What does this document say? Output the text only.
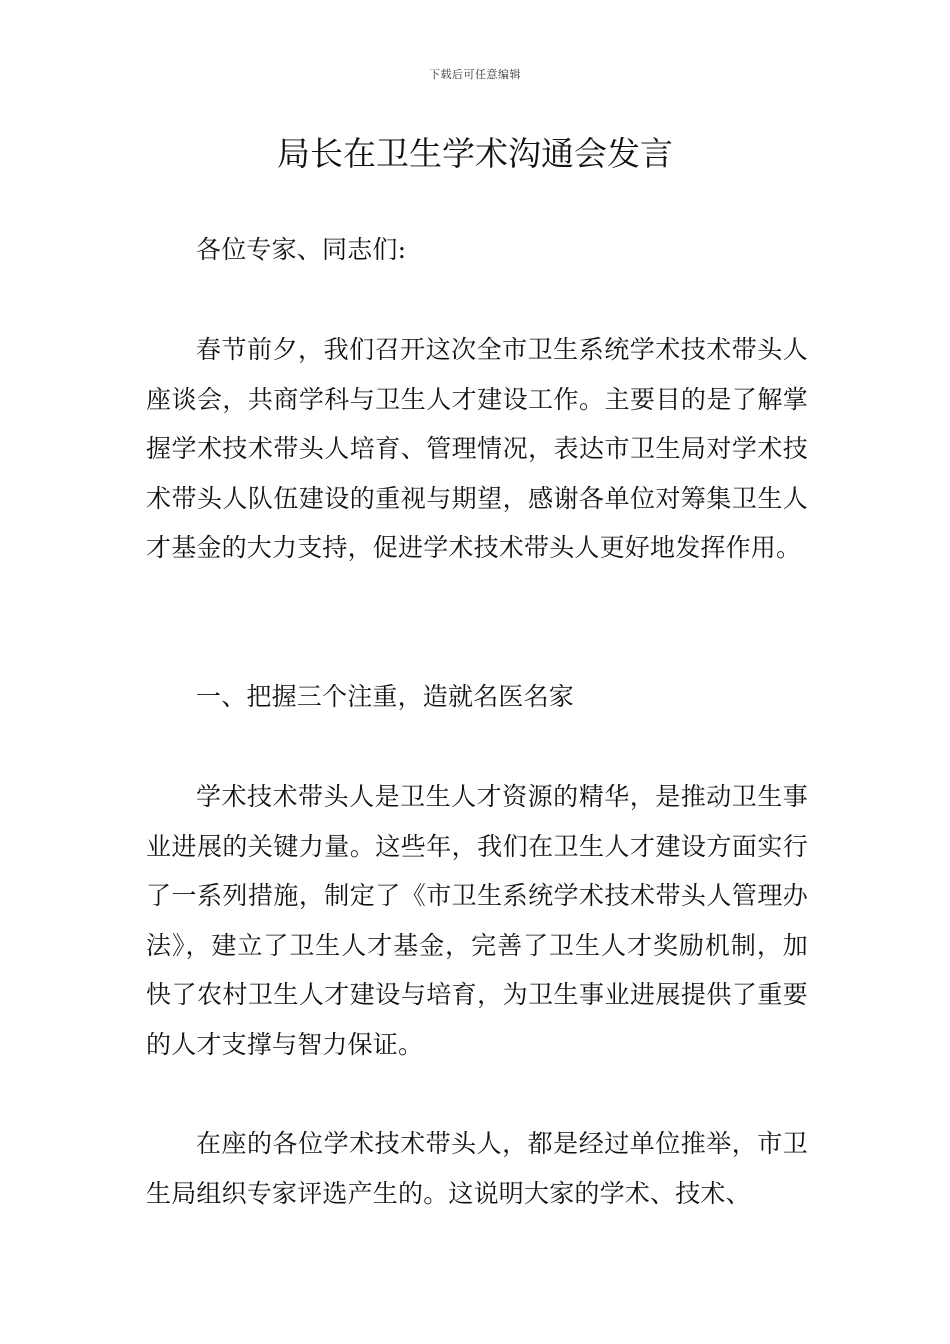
下载后可任意编辑
局长在卫生学术沟通会发言

各位专家、同志们:

春节前夕，我们召开这次全市卫生系统学术技术带头人座谈会，共商学科与卫生人才建设工作。主要目的是了解掌握学术技术带头人培育、管理情况，表达市卫生局对学术技术带头人队伍建设的重视与期望，感谢各单位对筹集卫生人才基金的大力支持，促进学术技术带头人更好地发挥作用。

一、把握三个注重，造就名医名家

学术技术带头人是卫生人才资源的精华，是推动卫生事业进展的关键力量。这些年，我们在卫生人才建设方面实行了一系列措施，制定了《市卫生系统学术技术带头人管理办法》，建立了卫生人才基金，完善了卫生人才奖励机制，加快了农村卫生人才建设与培育，为卫生事业进展提供了重要的人才支撑与智力保证。

在座的各位学术技术带头人，都是经过单位推举，市卫生局组织专家评选产生的。这说明大家的学术、技术、
